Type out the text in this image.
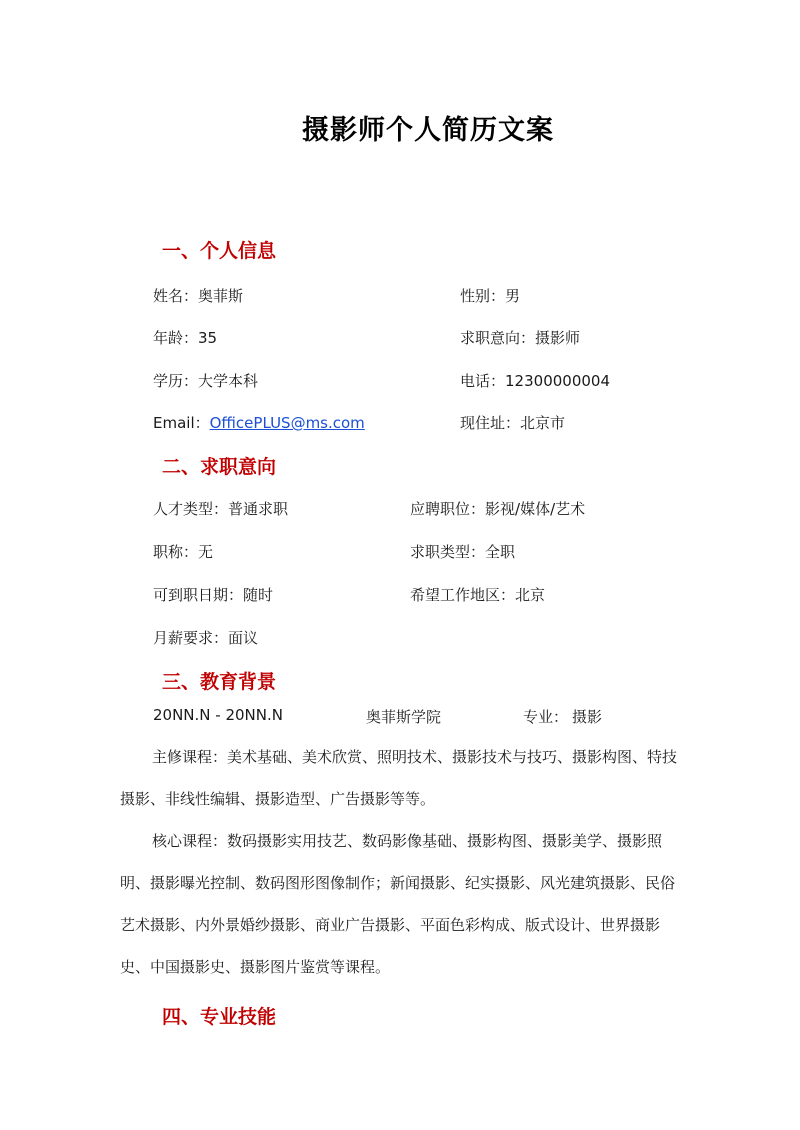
摄影师个人简历文案
一、个人信息
姓名：奥菲斯	性别：男
年龄：35	求职意向：摄影师
学历：大学本科	电话：12300000004
Email：OfficePLUS@ms.com	现住址：北京市
二、求职意向
人才类型：普通求职	应聘职位：影视/媒体/艺术
职称：无	求职类型：全职
可到职日期：随时	希望工作地区：北京
月薪要求：面议
三、教育背景
20NN.N - 20NN.N	奥菲斯学院	专业： 摄影
主修课程：美术基础、美术欣赏、照明技术、摄影技术与技巧、摄影构图、特技摄影、非线性编辑、摄影造型、广告摄影等等。
核心课程：数码摄影实用技艺、数码影像基础、摄影构图、摄影美学、摄影照明、摄影曝光控制、数码图形图像制作；新闻摄影、纪实摄影、风光建筑摄影、民俗艺术摄影、内外景婚纱摄影、商业广告摄影、平面色彩构成、版式设计、世界摄影史、中国摄影史、摄影图片鉴赏等课程。
四、专业技能
